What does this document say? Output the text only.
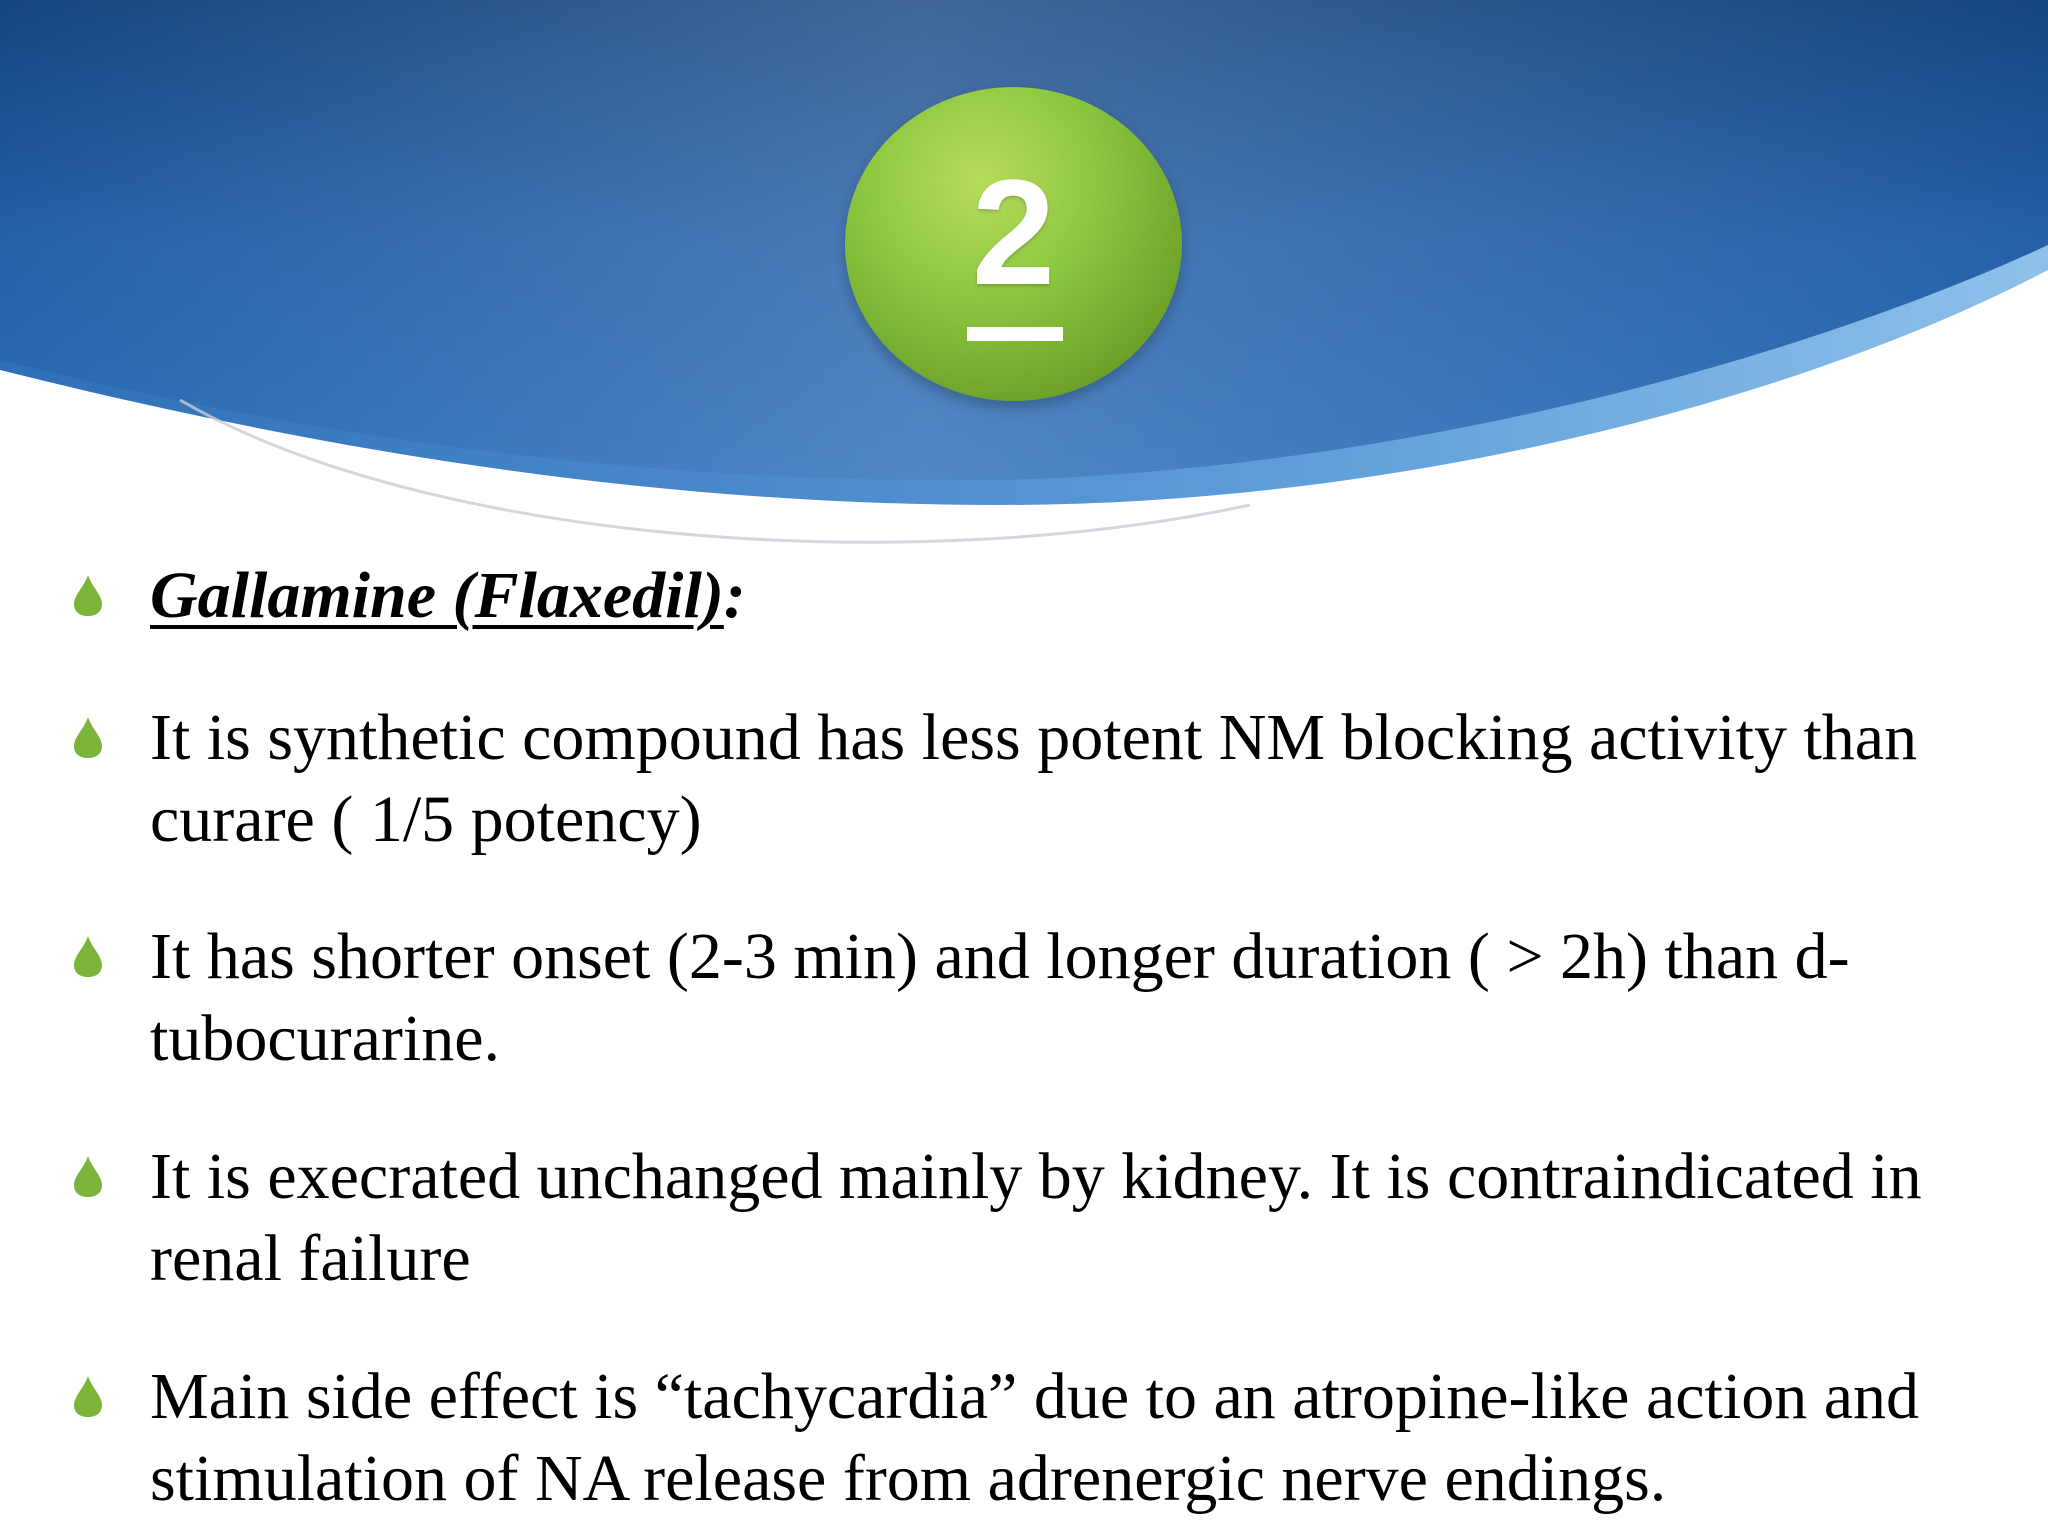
2
Gallamine (Flaxedil):
It is synthetic compound has less potent NM blocking activity than curare ( 1/5 potency)
It has shorter onset (2-3 min) and longer duration ( > 2h) than d-tubocurarine.
It is execrated unchanged mainly by kidney. It is contraindicated in renal failure
Main side effect is “tachycardia” due to an atropine-like action and stimulation of NA release from adrenergic nerve endings.
